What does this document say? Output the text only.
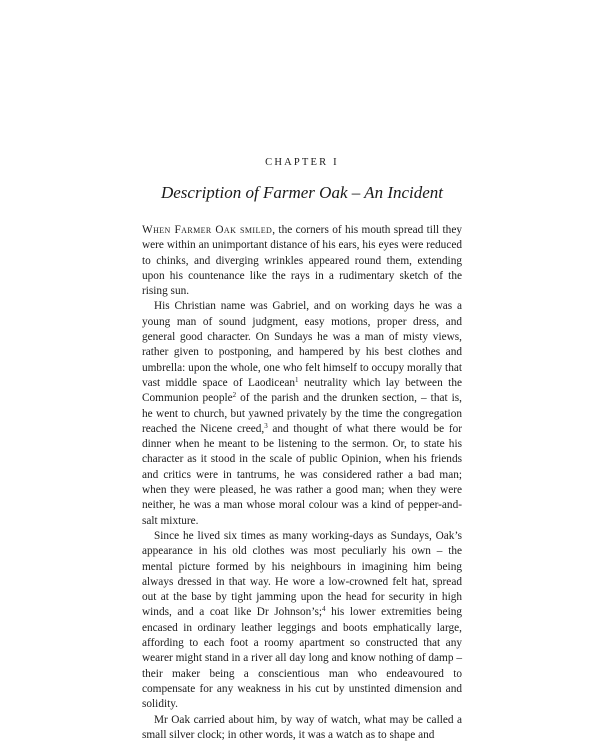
CHAPTER I
Description of Farmer Oak – An Incident

When Farmer Oak smiled, the corners of his mouth spread till they were within an unimportant distance of his ears, his eyes were reduced to chinks, and diverging wrinkles appeared round them, extending upon his countenance like the rays in a rudimentary sketch of the rising sun.

His Christian name was Gabriel, and on working days he was a young man of sound judgment, easy motions, proper dress, and general good character. On Sundays he was a man of misty views, rather given to postponing, and hampered by his best clothes and umbrella: upon the whole, one who felt himself to occupy morally that vast middle space of Laodicean$^1$ neutrality which lay between the Communion people$^2$ of the parish and the drunken section, – that is, he went to church, but yawned privately by the time the congregation reached the Nicene creed,$^3$ and thought of what there would be for dinner when he meant to be listening to the sermon. Or, to state his character as it stood in the scale of public Opinion, when his friends and critics were in tantrums, he was considered rather a bad man; when they were pleased, he was rather a good man; when they were neither, he was a man whose moral colour was a kind of pepper-and-salt mixture.

Since he lived six times as many working-days as Sundays, Oak’s appearance in his old clothes was most peculiarly his own – the mental picture formed by his neighbours in imagining him being always dressed in that way. He wore a low-crowned felt hat, spread out at the base by tight jamming upon the head for security in high winds, and a coat like Dr Johnson’s;$^4$ his lower extremities being encased in ordinary leather leggings and boots emphatically large, affording to each foot a roomy apartment so constructed that any wearer might stand in a river all day long and know nothing of damp – their maker being a conscientious man who endeavoured to compensate for any weakness in his cut by unstinted dimension and solidity.

Mr Oak carried about him, by way of watch, what may be called a small silver clock; in other words, it was a watch as to shape and
